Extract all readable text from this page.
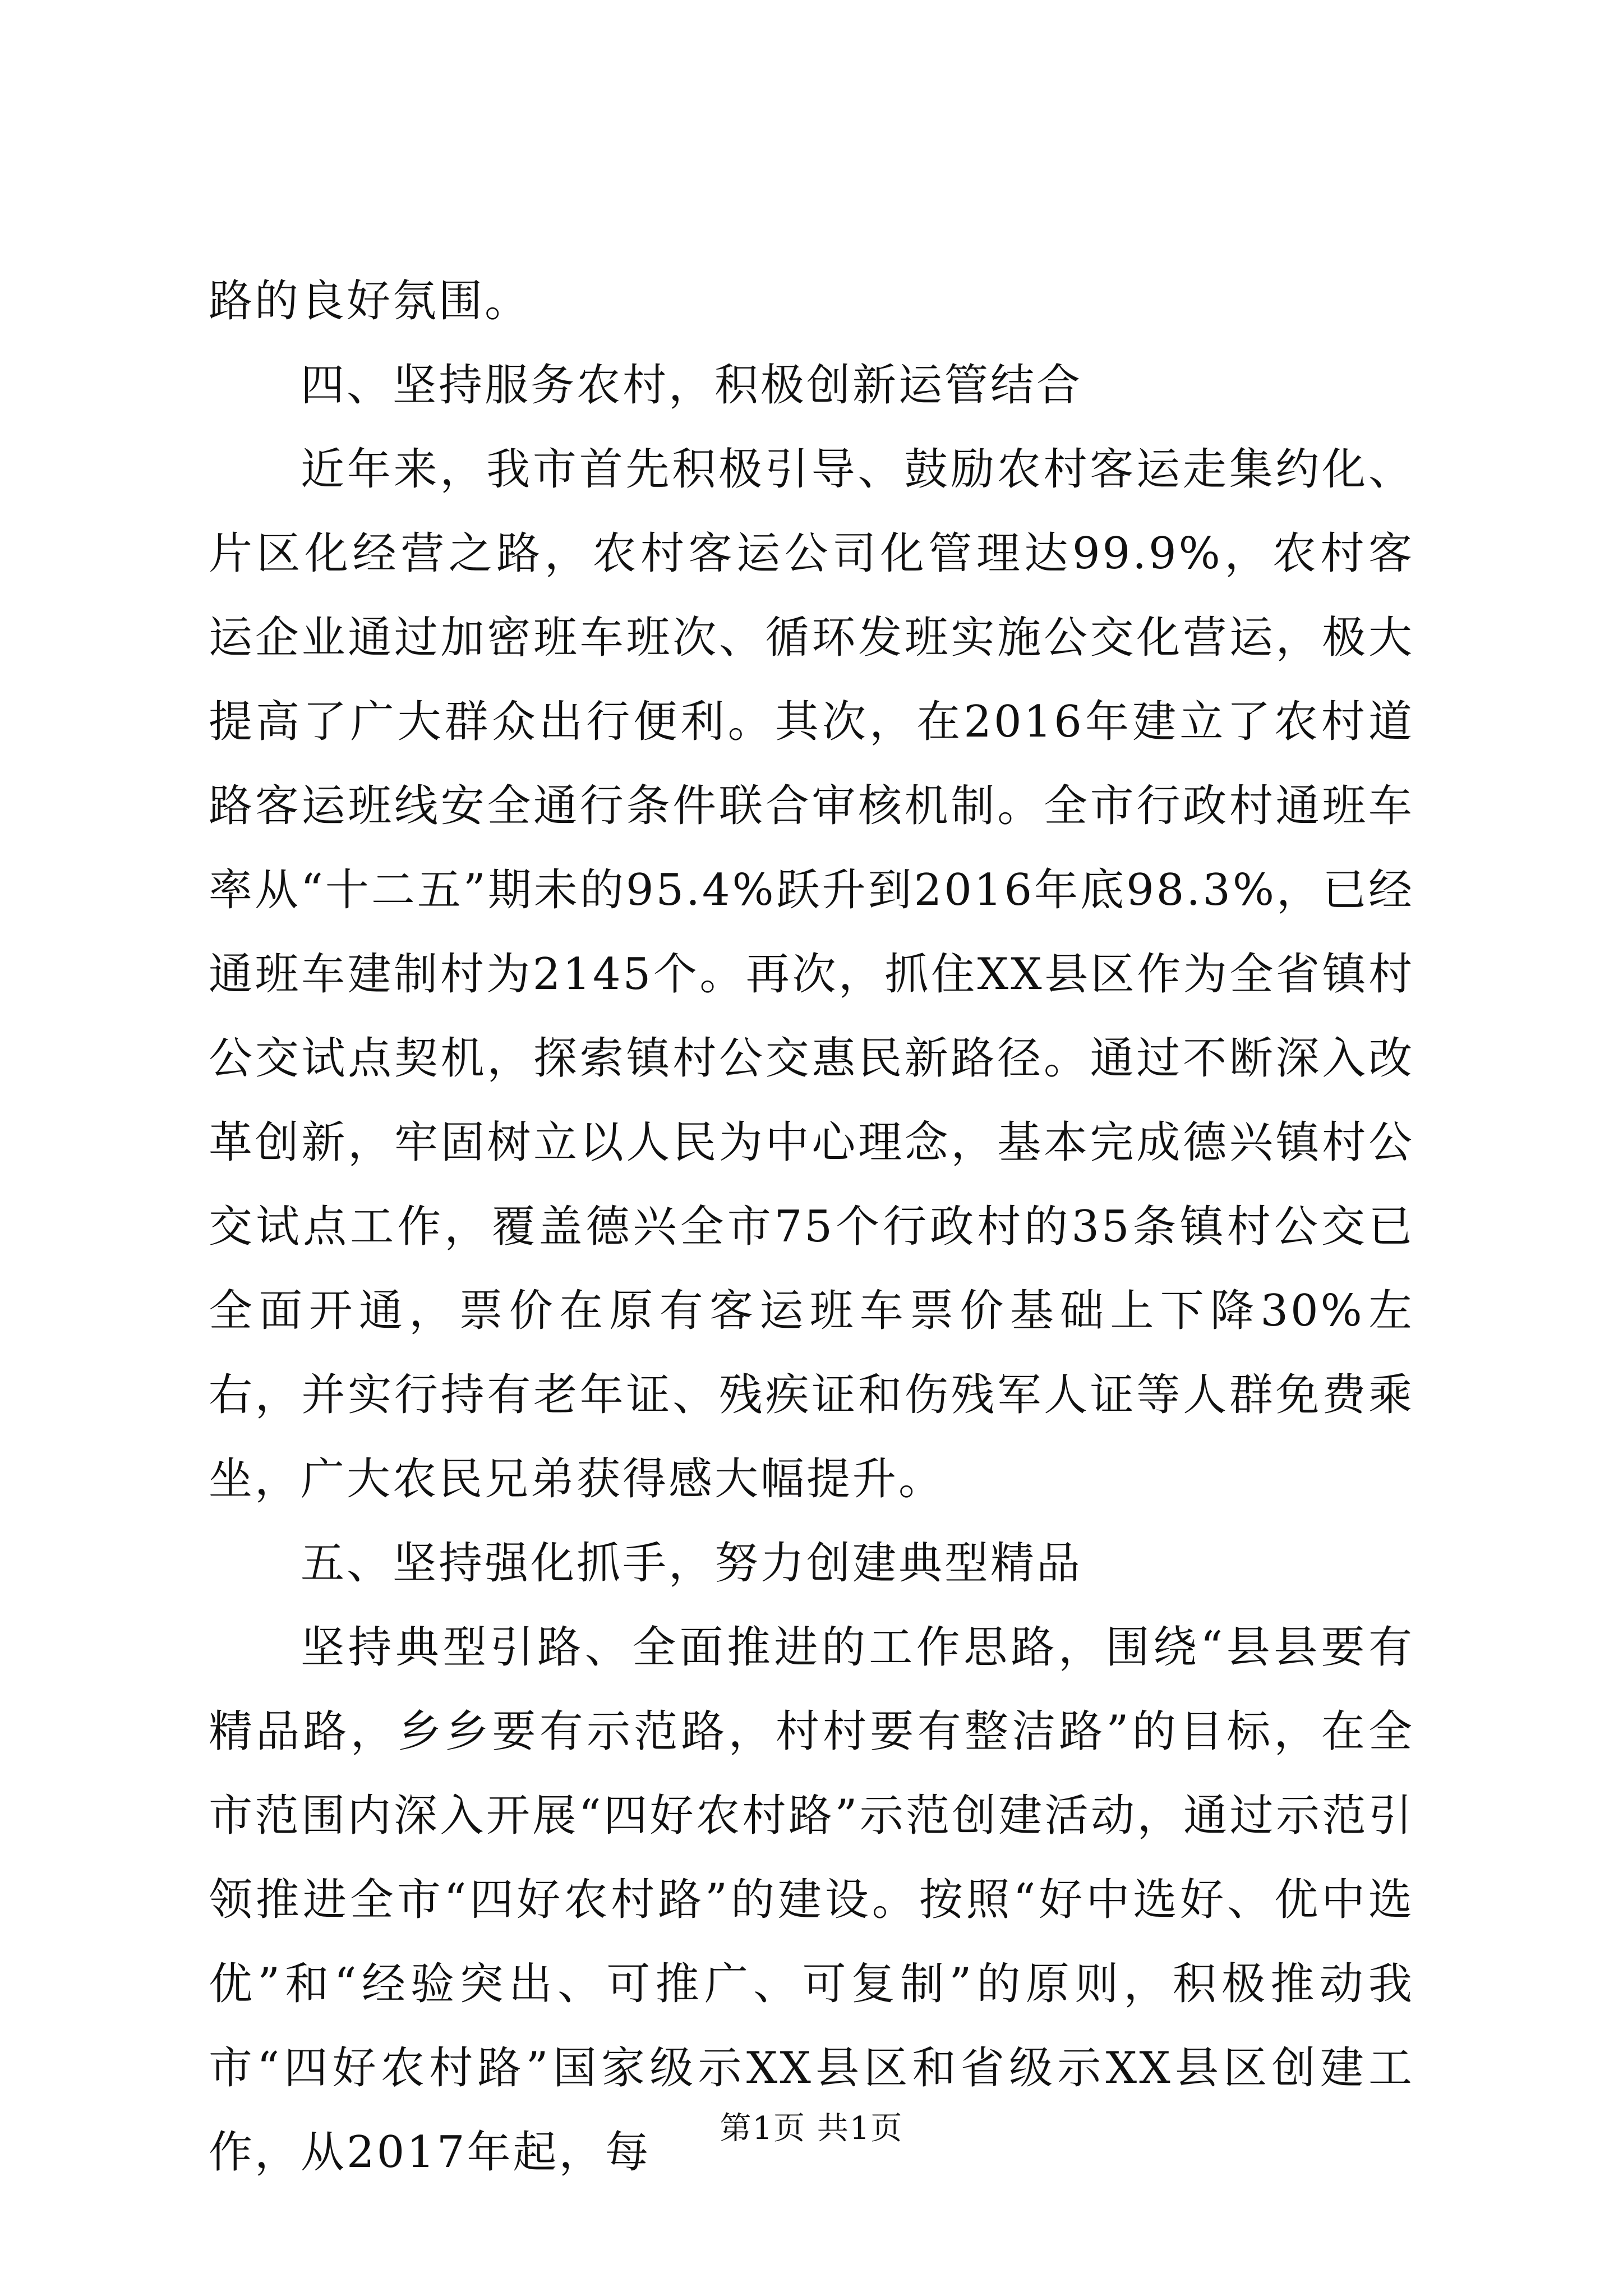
路的良好氛围。

四、坚持服务农村，积极创新运管结合

近年来，我市首先积极引导、鼓励农村客运走集约化、片区化经营之路，农村客运公司化管理达99.9%，农村客运企业通过加密班车班次、循环发班实施公交化营运，极大提高了广大群众出行便利。其次，在2016年建立了农村道路客运班线安全通行条件联合审核机制。全市行政村通班车率从“十二五”期未的95.4%跃升到2016年底98.3%，已经通班车建制村为2145个。再次，抓住XX县区作为全省镇村公交试点契机，探索镇村公交惠民新路径。通过不断深入改革创新，牢固树立以人民为中心理念，基本完成德兴镇村公交试点工作，覆盖德兴全市75个行政村的35条镇村公交已全面开通，票价在原有客运班车票价基础上下降30%左右，并实行持有老年证、残疾证和伤残军人证等人群免费乘坐，广大农民兄弟获得感大幅提升。

五、坚持强化抓手，努力创建典型精品

坚持典型引路、全面推进的工作思路，围绕“县县要有精品路，乡乡要有示范路，村村要有整洁路”的目标，在全市范围内深入开展“四好农村路”示范创建活动，通过示范引领推进全市“四好农村路”的建设。按照“好中选好、优中选优”和“经验突出、可推广、可复制”的原则，积极推动我市“四好农村路”国家级示XX县区和省级示XX县区创建工作，从2017年起，每	第1页 共1页
